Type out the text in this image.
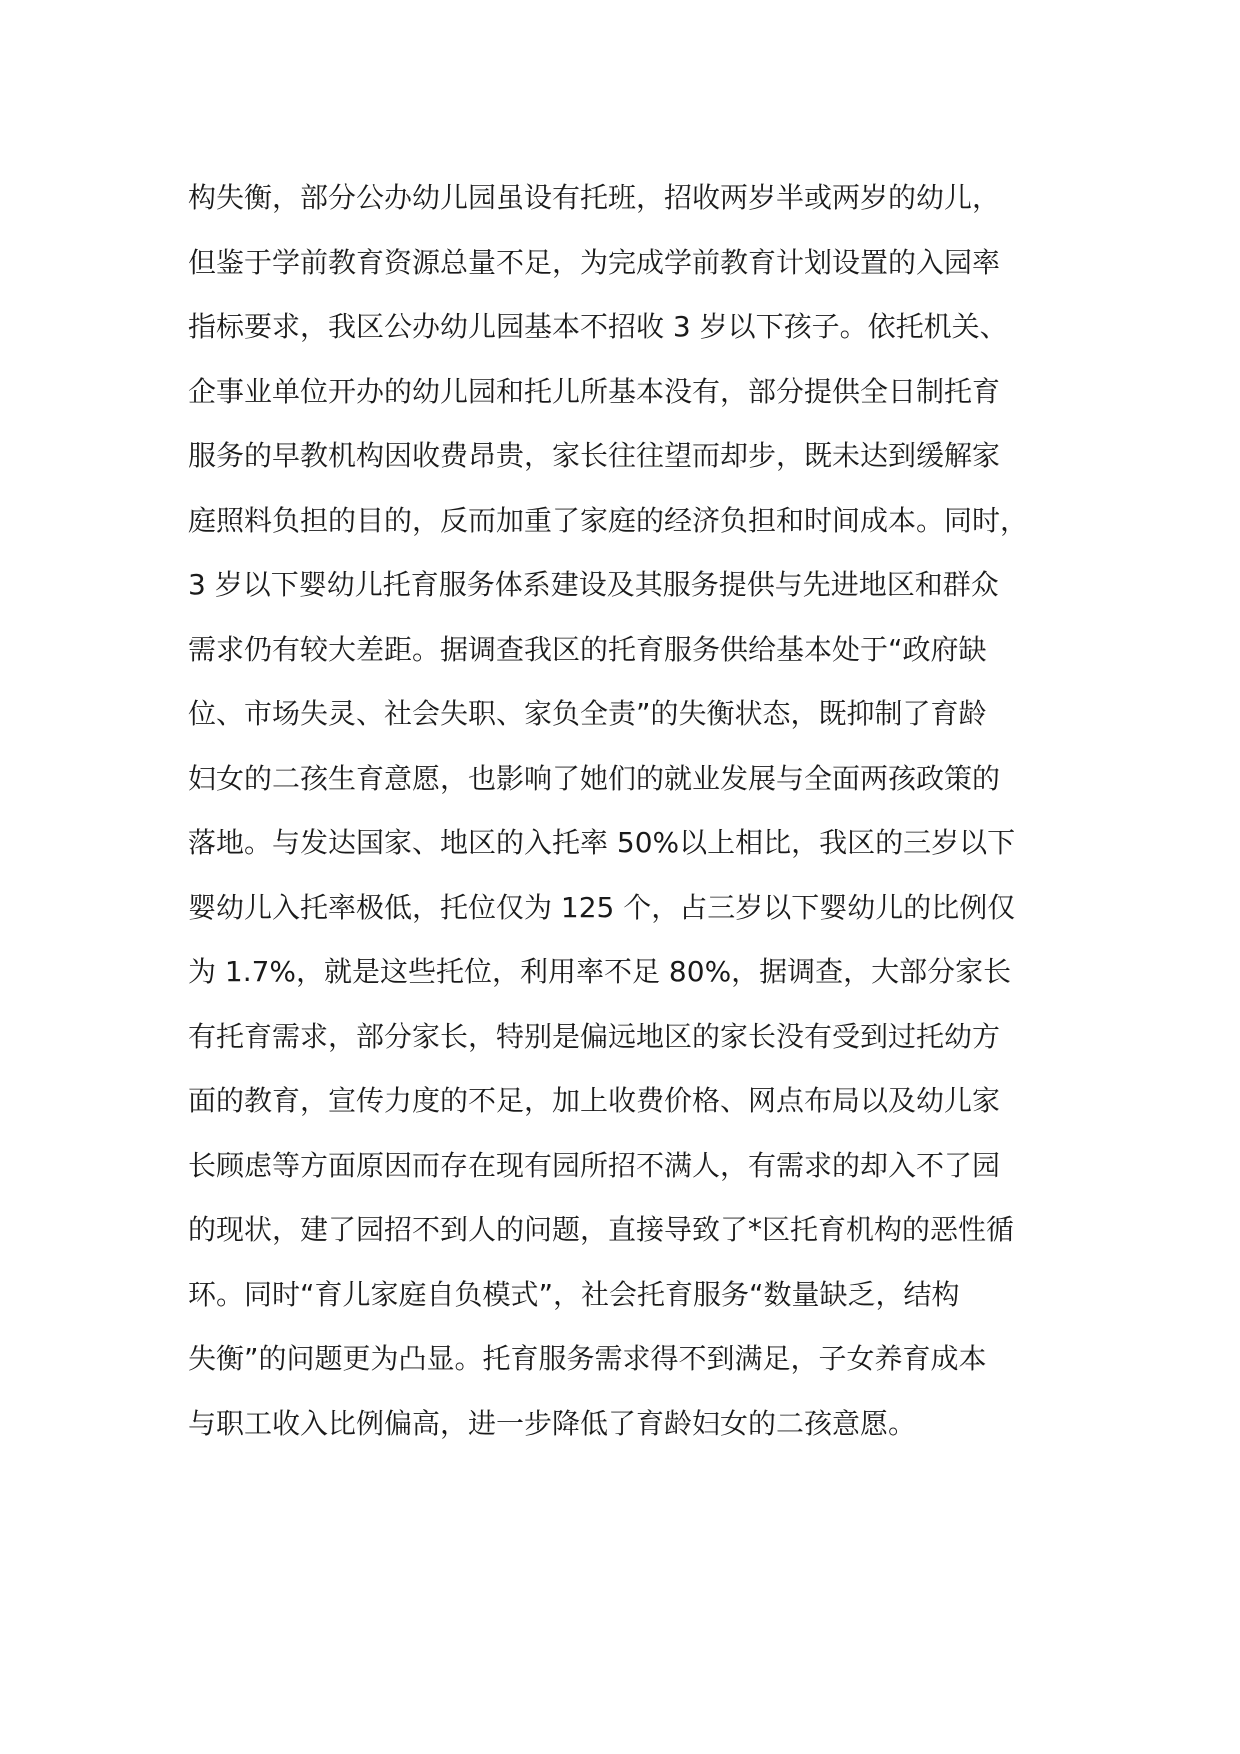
构失衡，部分公办幼儿园虽设有托班，招收两岁半或两岁的幼儿，
但鉴于学前教育资源总量不足，为完成学前教育计划设置的入园率
指标要求，我区公办幼儿园基本不招收 3 岁以下孩子。依托机关、
企事业单位开办的幼儿园和托儿所基本没有，部分提供全日制托育
服务的早教机构因收费昂贵，家长往往望而却步，既未达到缓解家
庭照料负担的目的，反而加重了家庭的经济负担和时间成本。同时，
3 岁以下婴幼儿托育服务体系建设及其服务提供与先进地区和群众
需求仍有较大差距。据调查我区的托育服务供给基本处于“政府缺
位、市场失灵、社会失职、家负全责”的失衡状态，既抑制了育龄
妇女的二孩生育意愿，也影响了她们的就业发展与全面两孩政策的
落地。与发达国家、地区的入托率 50%以上相比，我区的三岁以下
婴幼儿入托率极低，托位仅为 125 个，占三岁以下婴幼儿的比例仅
为 1.7%，就是这些托位，利用率不足 80%，据调查，大部分家长
有托育需求，部分家长，特别是偏远地区的家长没有受到过托幼方
面的教育，宣传力度的不足，加上收费价格、网点布局以及幼儿家
长顾虑等方面原因而存在现有园所招不满人，有需求的却入不了园
的现状，建了园招不到人的问题，直接导致了*区托育机构的恶性循
环。同时“育儿家庭自负模式”，社会托育服务“数量缺乏，结构
失衡”的问题更为凸显。托育服务需求得不到满足，子女养育成本
与职工收入比例偏高，进一步降低了育龄妇女的二孩意愿。
